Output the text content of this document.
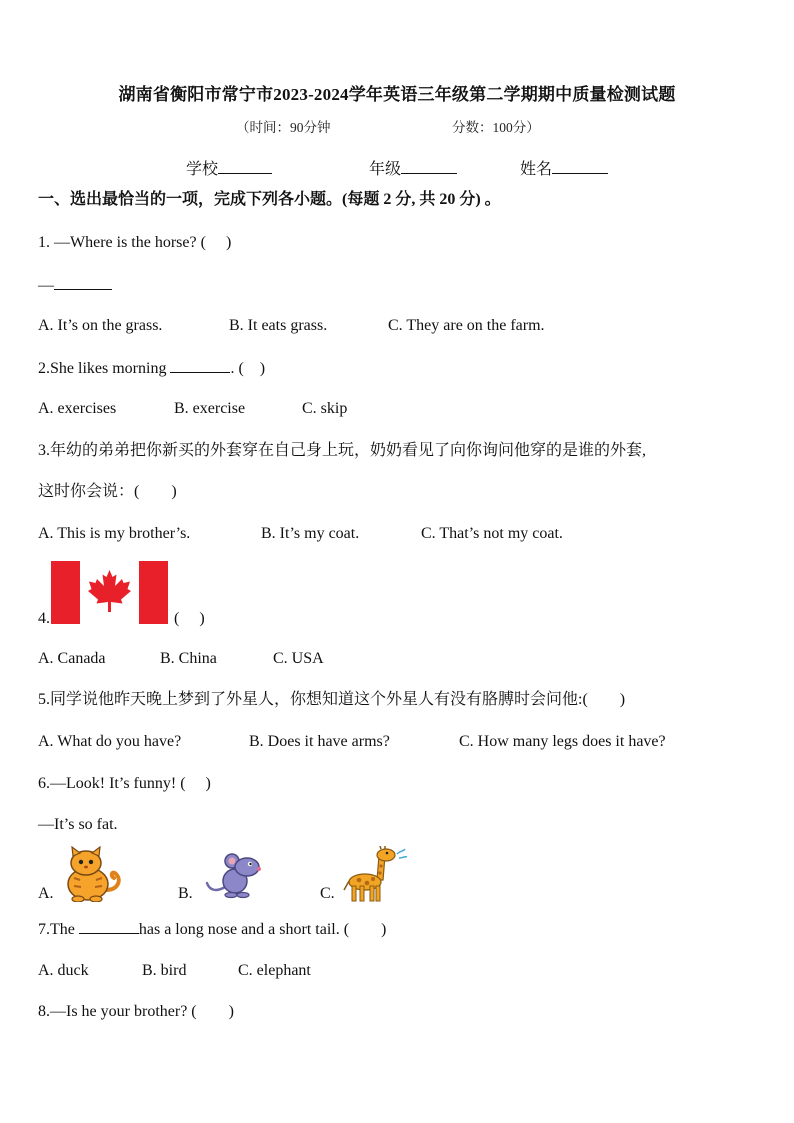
湖南省衡阳市常宁市2023-2024学年英语三年级第二学期期中质量检测试题
（时间：90分钟	分数：100分）
学校	年级	姓名
一、选出最恰当的一项，完成下列各小题。(每题 2 分, 共 20 分) 。
1. —Where is the horse? (　 )
—
A. It’s on the grass.	B. It eats grass.	C. They are on the farm.
2.She likes morning	. (　)
A. exercises	B. exercise	C. skip
3.年幼的弟弟把你新买的外套穿在自己身上玩，奶奶看见了向你询问他穿的是谁的外套,
这时你会说：(　　)
A. This is my brother’s.	B. It’s my coat.	C. That’s not my coat.
4.	(　 )
A. Canada	B. China	C. USA
5.同学说他昨天晚上梦到了外星人，你想知道这个外星人有没有胳膊时会问他:(　　)
A. What do you have?	B. Does it have arms?	C. How many legs does it have?
6.—Look! It’s funny! (　 )
—It’s so fat.
A.	B.	C.
7.The	has a long nose and a short tail. (　　)
A. duck	B. bird	C. elephant
8.—Is he your brother? (　　)
